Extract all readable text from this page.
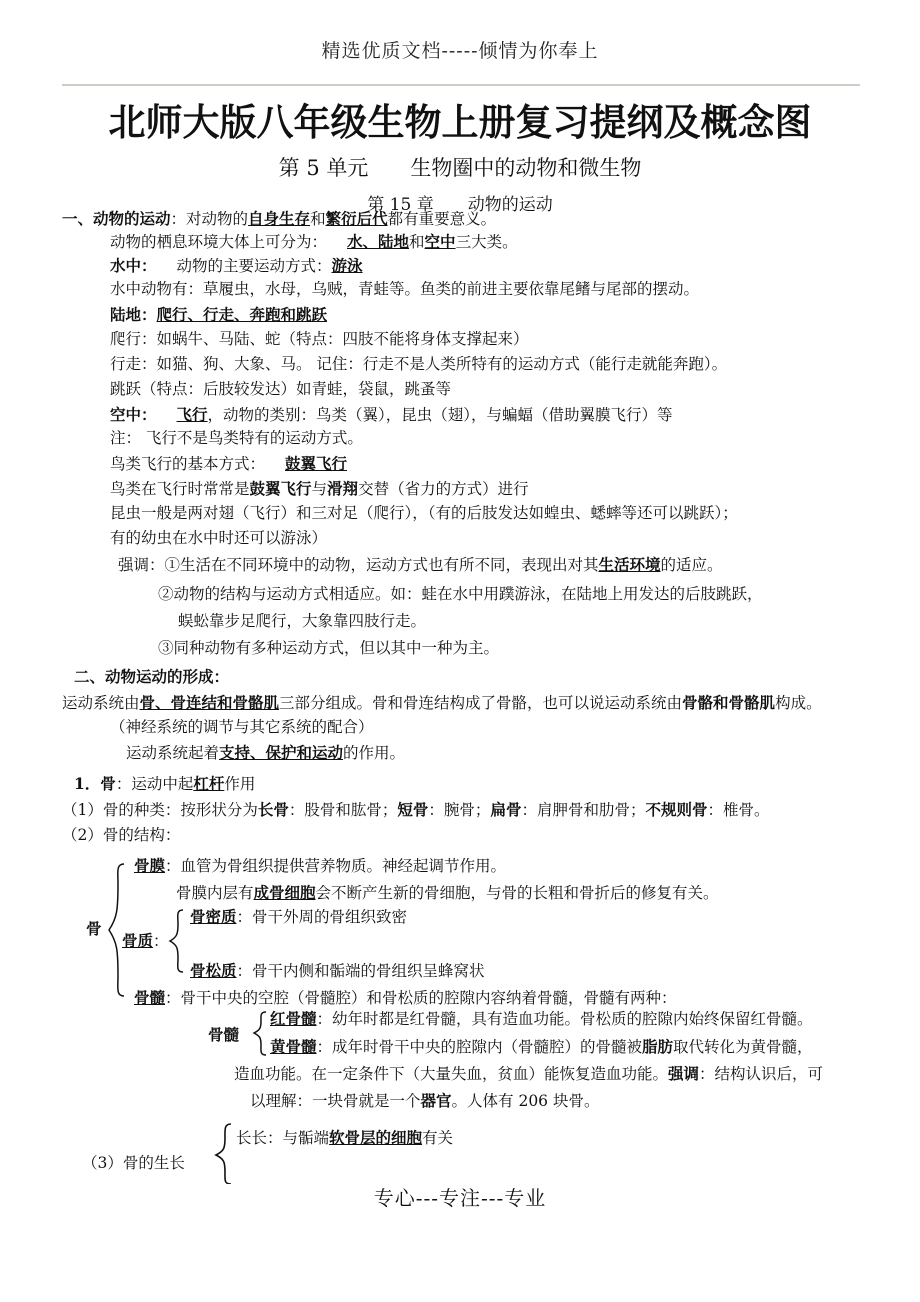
精选优质文档-----倾情为你奉上
北师大版八年级生物上册复习提纲及概念图
第 5 单元 生物圈中的动物和微生物
第 15 章 动物的运动
一、动物的运动：对动物的自身生存和繁衍后代都有重要意义。
动物的栖息环境大体上可分为： 水、陆地和空中三大类。
水中： 动物的主要运动方式：游泳
水中动物有：草履虫，水母，乌贼，青蛙等。鱼类的前进主要依靠尾鳍与尾部的摆动。
陆地：爬行、行走、奔跑和跳跃
爬行：如蜗牛、马陆、蛇（特点：四肢不能将身体支撑起来）
行走：如猫、狗、大象、马。 记住：行走不是人类所特有的运动方式（能行走就能奔跑）。
跳跃（特点：后肢较发达）如青蛙，袋鼠，跳蚤等
空中： 飞行，动物的类别：鸟类（翼），昆虫（翅），与蝙蝠（借助翼膜飞行）等
注： 飞行不是鸟类特有的运动方式。
鸟类飞行的基本方式： 鼓翼飞行
鸟类在飞行时常常是鼓翼飞行与滑翔交替（省力的方式）进行
昆虫一般是两对翅（飞行）和三对足（爬行），（有的后肢发达如蝗虫、蟋蟀等还可以跳跃）；
有的幼虫在水中时还可以游泳）
强调：①生活在不同环境中的动物，运动方式也有所不同，表现出对其生活环境的适应。
②动物的结构与运动方式相适应。如：蛙在水中用蹼游泳，在陆地上用发达的后肢跳跃，
蜈蚣靠步足爬行，大象靠四肢行走。
③同种动物有多种运动方式，但以其中一种为主。
二、动物运动的形成：
运动系统由骨、骨连结和骨骼肌三部分组成。骨和骨连结构成了骨骼，也可以说运动系统由骨骼和骨骼肌构成。
（神经系统的调节与其它系统的配合）
运动系统起着支持、保护和运动的作用。
1．骨：运动中起杠杆作用
（1）骨的种类：按形状分为长骨：股骨和肱骨；短骨：腕骨；扁骨：肩胛骨和肋骨；不规则骨：椎骨。
（2）骨的结构：
骨
骨膜：血管为骨组织提供营养物质。神经起调节作用。
骨膜内层有成骨细胞会不断产生新的骨细胞，与骨的长粗和骨折后的修复有关。
骨质：
骨密质：骨干外周的骨组织致密
骨松质：骨干内侧和骺端的骨组织呈蜂窝状
骨髓：骨干中央的空腔（骨髓腔）和骨松质的腔隙内容纳着骨髓，骨髓有两种：
骨髓
红骨髓：幼年时都是红骨髓，具有造血功能。骨松质的腔隙内始终保留红骨髓。
黄骨髓：成年时骨干中央的腔隙内（骨髓腔）的骨髓被脂肪取代转化为黄骨髓，
造血功能。在一定条件下（大量失血，贫血）能恢复造血功能。强调：结构认识后，可
以理解：一块骨就是一个器官。人体有 206 块骨。
长长：与骺端软骨层的细胞有关
（3）骨的生长
专心---专注---专业
